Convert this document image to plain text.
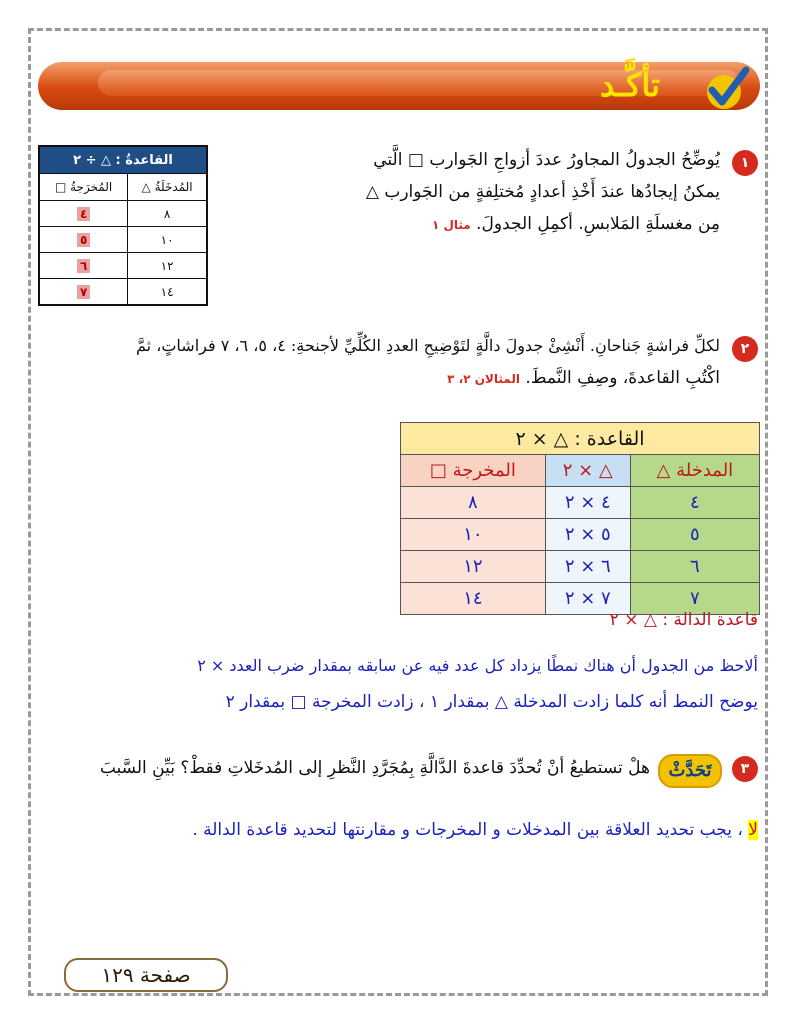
تأكَّـد
١
يُوضِّحُ الجدولُ المجاورُ عددَ أزواجِ الجَوارب □ الَّتي
يمكنُ إيجادُها عندَ أَخْذِ أعدادٍ مُختلِفةٍ من الجَوارب △
مِن مغسلَةِ المَلابسِ. أكمِلِ الجدولَ. مثال ١
القاعدةُ : △ ÷ ٢	
المُدخَلَةُ △	المُخرَجةُ □
٨	٤
١٠	٥
١٢	٦
١٤	٧
٢
لكلِّ فراشةٍ جَناحانِ. أَنْشِئْ جدولَ دالَّةٍ لتَوْضِيحِ العددِ الكُلِّيِّ لأجنحةِ: ٤، ٥، ٦، ٧ فراشاتٍ، ثمَّ
اكْتُبِ القاعدةَ، وصِفِ النَّمطَ. المثالان ٢، ٣
القاعدة : △ × ٢		
المدخلة △	△ × ٢	المخرجة □
٤	٤ × ٢	٨
٥	٥ × ٢	١٠
٦	٦ × ٢	١٢
٧	٧ × ٢	١٤
قاعدة الدالة : △ × ٢
ألاحظ من الجدول أن هناك نمطًا يزداد كل عدد فيه عن سابقه بمقدار ضرب العدد × ٢
يوضح النمط أنه كلما زادت المدخلة △ بمقدار ١ ، زادت المخرجة □ بمقدار ٢
٣
تَحَدَّثْ
هلْ تستطيعُ أنْ تُحدِّدَ قاعدةَ الدَّالَّةِ بِمُجَرَّدِ النَّظرِ إلى المُدخَلاتِ فقطْ؟ بَيِّنِ السَّببَ
لا ، يجب تحديد العلاقة بين المدخلات و المخرجات و مقارنتها لتحديد قاعدة الدالة .
صفحة ١٢٩
